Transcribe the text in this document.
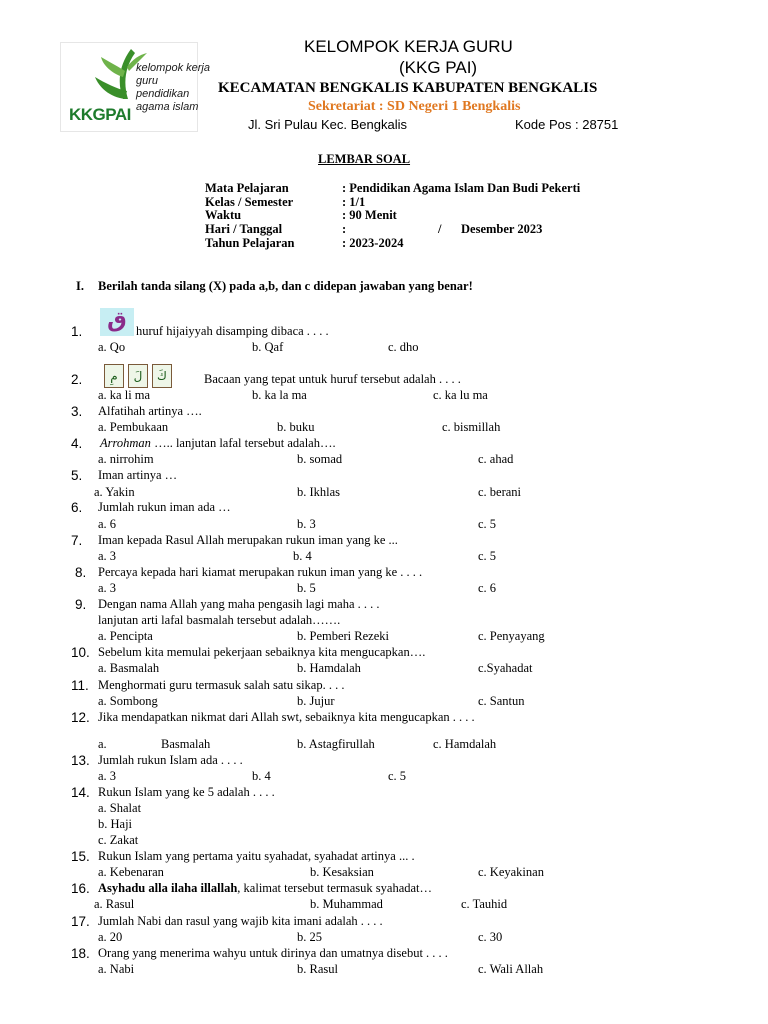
kelompok kerja
guru
pendidikan
agama islam
KKGPAI
KELOMPOK KERJA GURU
(KKG PAI)
KECAMATAN BENGKALIS KABUPATEN BENGKALIS
Sekretariat : SD Negeri 1 Bengkalis
Jl. Sri Pulau Kec. Bengkalis	Kode Pos : 28751
LEMBAR SOAL
Mata Pelajaran	: Pendidikan Agama Islam Dan Budi Pekerti
Kelas / Semester	: 1/1
Waktu	: 90 Menit
Hari / Tanggal	:	/ Desember 2023
Tahun Pelajaran	: 2023-2024
I. Berilah tanda silang (X) pada a,b, dan c didepan jawaban yang benar!
1.	ق huruf hijaiyyah disamping dibaca . . . .
a. Qo	b. Qaf	c. dho
2.	مِ	لَ	كَ	Bacaan yang tepat untuk huruf tersebut adalah . . . .
a. ka li ma	b. ka la ma	c. ka lu ma
3. Alfatihah artinya ….
a. Pembukaan	b. buku	c. bismillah
4. Arrohman ….. lanjutan lafal tersebut adalah….
a. nirrohim	b. somad	c. ahad
5. Iman artinya …
a. Yakin	b. Ikhlas	c. berani
6. Jumlah rukun iman ada …
a. 6	b. 3	c. 5
7. Iman kepada Rasul Allah merupakan rukun iman yang ke ...
a. 3	b. 4	c. 5
8. Percaya kepada hari kiamat merupakan rukun iman yang ke . . . .
a. 3	b. 5	c. 6
9. Dengan nama Allah yang maha pengasih lagi maha . . . .
lanjutan arti lafal basmalah tersebut adalah…….
a. Pencipta	b. Pemberi Rezeki	c. Penyayang
10. Sebelum kita memulai pekerjaan sebaiknya kita mengucapkan….
a. Basmalah	b. Hamdalah	c.Syahadat
11. Menghormati guru termasuk salah satu sikap. . . .
a. Sombong	b. Jujur	c. Santun
12. Jika mendapatkan nikmat dari Allah swt, sebaiknya kita mengucapkan . . . .
a.	Basmalah	b. Astagfirullah	c. Hamdalah
13. Jumlah rukun Islam ada . . . .
a. 3	b. 4	c. 5
14. Rukun Islam yang ke 5 adalah . . . .
a. Shalat
b. Haji
c. Zakat
15. Rukun Islam yang pertama yaitu syahadat, syahadat artinya ... .
a. Kebenaran	b. Kesaksian	c. Keyakinan
16. Asyhadu alla ilaha illallah, kalimat tersebut termasuk syahadat…
a. Rasul	b. Muhammad	c. Tauhid
17. Jumlah Nabi dan rasul yang wajib kita imani adalah . . . .
a. 20	b. 25	c. 30
18. Orang yang menerima wahyu untuk dirinya dan umatnya disebut . . . .
a. Nabi	b. Rasul	c. Wali Allah
